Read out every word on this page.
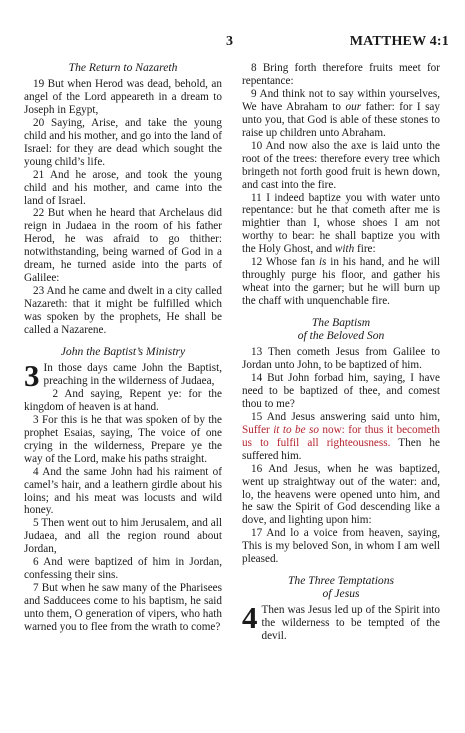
3	MATTHEW 4:1
The Return to Nazareth

19 But when Herod was dead, behold, an angel of the Lord appeareth in a dream to Joseph in Egypt,

20 Saying, Arise, and take the young child and his mother, and go into the land of Israel: for they are dead which sought the young child’s life.

21 And he arose, and took the young child and his mother, and came into the land of Israel.

22 But when he heard that Archelaus did reign in Judaea in the room of his father Herod, he was afraid to go thither: notwithstanding, being warned of God in a dream, he turned aside into the parts of Galilee:

23 And he came and dwelt in a city called Nazareth: that it might be fulfilled which was spoken by the prophets, He shall be called a Nazarene.

John the Baptist’s Ministry

3 In those days came John the Baptist, preaching in the wilderness of Judaea,

2 And saying, Repent ye: for the kingdom of heaven is at hand.

3 For this is he that was spoken of by the prophet Esaias, saying, The voice of one crying in the wilderness, Prepare ye the way of the Lord, make his paths straight.

4 And the same John had his raiment of camel’s hair, and a leathern girdle about his loins; and his meat was locusts and wild honey.

5 Then went out to him Jerusalem, and all Judaea, and all the region round about Jordan,

6 And were baptized of him in Jordan, confessing their sins.

7 But when he saw many of the Pharisees and Sadducees come to his baptism, he said unto them, O generation of vipers, who hath warned you to flee from the wrath to come?

8 Bring forth therefore fruits meet for repentance:

9 And think not to say within yourselves, We have Abraham to our father: for I say unto you, that God is able of these stones to raise up children unto Abraham.

10 And now also the axe is laid unto the root of the trees: therefore every tree which bringeth not forth good fruit is hewn down, and cast into the fire.

11 I indeed baptize you with water unto repentance: but he that cometh after me is mightier than I, whose shoes I am not worthy to bear: he shall baptize you with the Holy Ghost, and with fire:

12 Whose fan is in his hand, and he will throughly purge his floor, and gather his wheat into the garner; but he will burn up the chaff with unquenchable fire.

The Baptism
of the Beloved Son

13 Then cometh Jesus from Galilee to Jordan unto John, to be baptized of him.

14 But John forbad him, saying, I have need to be baptized of thee, and comest thou to me?

15 And Jesus answering said unto him, Suffer it to be so now: for thus it becometh us to fulfil all righteousness. Then he suffered him.

16 And Jesus, when he was baptized, went up straightway out of the water: and, lo, the heavens were opened unto him, and he saw the Spirit of God descending like a dove, and lighting upon him:

17 And lo a voice from heaven, saying, This is my beloved Son, in whom I am well pleased.

The Three Temptations
of Jesus

4 Then was Jesus led up of the Spirit into the wilderness to be tempted of the devil.
